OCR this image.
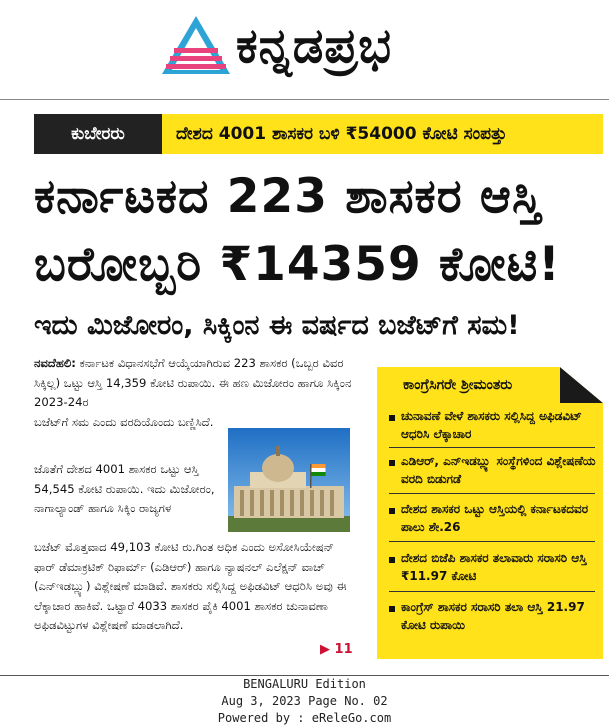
ಕನ್ನಡಪ್ರಭ
ಕುಬೇರರು	ದೇಶದ 4001 ಶಾಸಕರ ಬಳಿ ₹54000 ಕೋಟಿ ಸಂಪತ್ತು
ಕರ್ನಾಟಕದ 223 ಶಾಸಕರ ಆಸ್ತಿ
ಬರೋಬ್ಬರಿ ₹14359 ಕೋಟಿ!
ಇದು ಮಿಜೋರಂ, ಸಿಕ್ಕಿಂನ ಈ ವರ್ಷದ ಬಜೆಟ್‌ಗೆ ಸಮ!
ನವದೆಹಲಿ: ಕರ್ನಾಟಕ ವಿಧಾನಸಭೆಗೆ ಆಯ್ಕೆಯಾಗಿರುವ 223 ಶಾಸಕರ (ಒಬ್ಬರ ವಿವರ ಸಿಕ್ಕಿಲ್ಲ) ಒಟ್ಟು ಆಸ್ತಿ 14,359 ಕೋಟಿ ರುಪಾಯಿ. ಈ ಹಣ ಮಿಜೋರಂ ಹಾಗೂ ಸಿಕ್ಕಿಂನ 2023-24ರ
ಬಜೆಟ್‌ಗೆ ಸಮ ಎಂದು ವರದಿಯೊಂದು ಬಣ್ಣಿಸಿದೆ.
ಜೊತೆಗೆ ದೇಶದ 4001 ಶಾಸಕರ ಒಟ್ಟು ಆಸ್ತಿ 54,545 ಕೋಟಿ ರುಪಾಯಿ. ಇದು ಮಿಜೋರಂ, ನಾಗಾಲ್ಯಾಂಡ್ ಹಾಗೂ ಸಿಕ್ಕಿಂ ರಾಜ್ಯಗಳ
ಬಜೆಟ್ ಮೊತ್ತವಾದ 49,103 ಕೋಟಿ ರು.ಗಿಂತ ಅಧಿಕ ಎಂದು ಅಸೋಸಿಯೇಷನ್ ಫಾರ್ ಡೆಮಾಕ್ರಟಿಕ್ ರಿಫಾರ್ಮ್ (ಎಡಿಆರ್) ಹಾಗೂ ನ್ಯಾಷನಲ್ ಎಲೆಕ್ಷನ್ ವಾಚ್ (ಎನ್‌ಇಡಬ್ಲ್ಯು) ವಿಶ್ಲೇಷಣೆ ಮಾಡಿವೆ. ಶಾಸಕರು ಸಲ್ಲಿಸಿದ್ದ ಅಫಿಡವಿಟ್ ಆಧರಿಸಿ ಅವು ಈ ಲೆಕ್ಕಾಚಾರ ಹಾಕಿವೆ. ಒಟ್ಟಾರೆ 4033 ಶಾಸಕರ ಪೈಕಿ 4001 ಶಾಸಕರ ಚುನಾವಣಾ ಅಫಿಡವಿಟ್ಟುಗಳ ವಿಶ್ಲೇಷಣೆ ಮಾಡಲಾಗಿದೆ.
▶ 11
ಕಾಂಗ್ರೆಸಿಗರೇ ಶ್ರೀಮಂತರು
ಚುನಾವಣೆ ವೇಳೆ ಶಾಸಕರು ಸಲ್ಲಿಸಿದ್ದ ಅಫಿಡವಿಟ್ ಆಧರಿಸಿ ಲೆಕ್ಕಾಚಾರ
ಎಡಿಆರ್, ಎನ್‌ಇಡಬ್ಲ್ಯು ಸಂಸ್ಥೆಗಳಿಂದ ವಿಶ್ಲೇಷಣೆಯ ವರದಿ ಬಿಡುಗಡೆ
ದೇಶದ ಶಾಸಕರ ಒಟ್ಟು ಆಸ್ತಿಯಲ್ಲಿ ಕರ್ನಾಟಕದವರ ಪಾಲು ಶೇ.26
ದೇಶದ ಬಿಜೆಪಿ ಶಾಸಕರ ತಲಾವಾರು ಸರಾಸರಿ ಆಸ್ತಿ ₹11.97 ಕೋಟಿ
ಕಾಂಗ್ರೆಸ್ ಶಾಸಕರ ಸರಾಸರಿ ತಲಾ ಆಸ್ತಿ 21.97 ಕೋಟಿ ರುಪಾಯಿ
BENGALURU Edition
Aug 3, 2023 Page No. 02
Powered by : eReleGo.com
